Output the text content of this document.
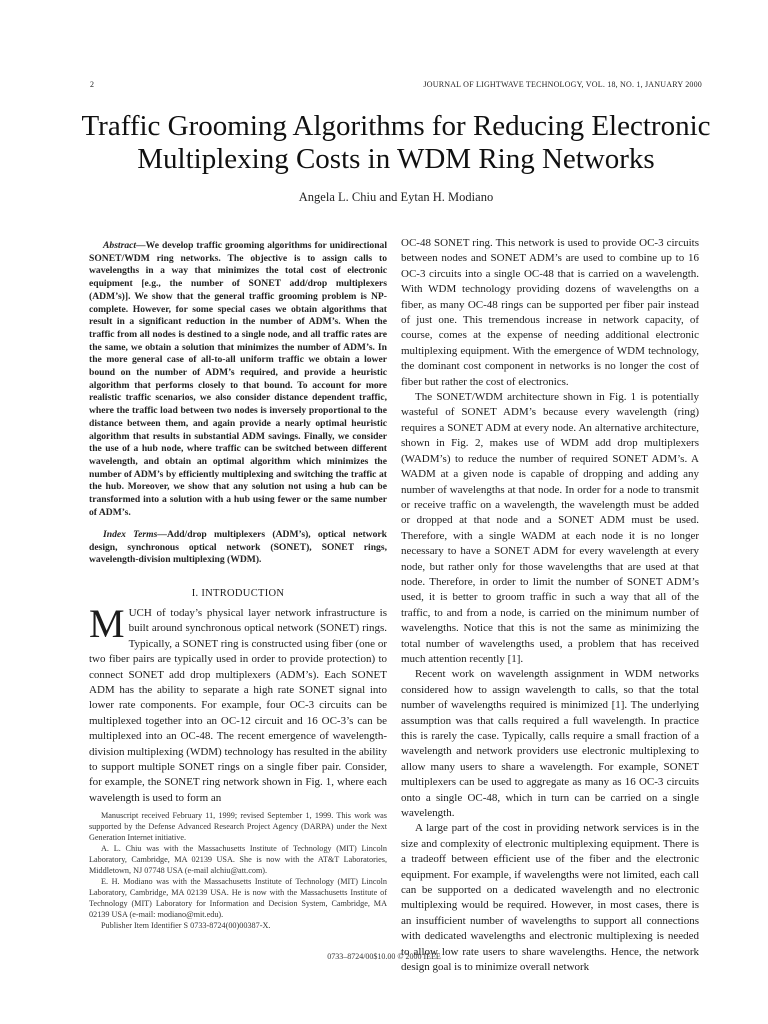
2	JOURNAL OF LIGHTWAVE TECHNOLOGY, VOL. 18, NO. 1, JANUARY 2000
Traffic Grooming Algorithms for Reducing Electronic
Multiplexing Costs in WDM Ring Networks
Angela L. Chiu and Eytan H. Modiano

Abstract—We develop traffic grooming algorithms for unidirectional SONET/WDM ring networks. The objective is to assign calls to wavelengths in a way that minimizes the total cost of electronic equipment [e.g., the number of SONET add/drop multiplexers (ADM’s)]. We show that the general traffic grooming problem is NP-complete. However, for some special cases we obtain algorithms that result in a significant reduction in the number of ADM’s. When the traffic from all nodes is destined to a single node, and all traffic rates are the same, we obtain a solution that minimizes the number of ADM’s. In the more general case of all-to-all uniform traffic we obtain a lower bound on the number of ADM’s required, and provide a heuristic algorithm that performs closely to that bound. To account for more realistic traffic scenarios, we also consider distance dependent traffic, where the traffic load between two nodes is inversely proportional to the distance between them, and again provide a nearly optimal heuristic algorithm that results in substantial ADM savings. Finally, we consider the use of a hub node, where traffic can be switched between different wavelength, and obtain an optimal algorithm which minimizes the number of ADM’s by efficiently multiplexing and switching the traffic at the hub. Moreover, we show that any solution not using a hub can be transformed into a solution with a hub using fewer or the same number of ADM’s.

Index Terms—Add/drop multiplexers (ADM’s), optical network design, synchronous optical network (SONET), SONET rings, wavelength-division multiplexing (WDM).

I. INTRODUCTION

MUCH of today’s physical layer network infrastructure is built around synchronous optical network (SONET) rings. Typically, a SONET ring is constructed using fiber (one or two fiber pairs are typically used in order to provide protection) to connect SONET add drop multiplexers (ADM’s). Each SONET ADM has the ability to separate a high rate SONET signal into lower rate components. For example, four OC-3 circuits can be multiplexed together into an OC-12 circuit and 16 OC-3’s can be multiplexed into an OC-48. The recent emergence of wavelength-division multiplexing (WDM) technology has resulted in the ability to support multiple SONET rings on a single fiber pair. Consider, for example, the SONET ring network shown in Fig. 1, where each wavelength is used to form an

Manuscript received February 11, 1999; revised September 1, 1999. This work was supported by the Defense Advanced Research Project Agency (DARPA) under the Next Generation Internet initiative.

A. L. Chiu was with the Massachusetts Institute of Technology (MIT) Lincoln Laboratory, Cambridge, MA 02139 USA. She is now with the AT&T Laboratories, Middletown, NJ 07748 USA (e-mail alchiu@att.com).

E. H. Modiano was with the Massachusetts Institute of Technology (MIT) Lincoln Laboratory, Cambridge, MA 02139 USA. He is now with the Massachusetts Institute of Technology (MIT) Laboratory for Information and Decision System, Cambridge, MA 02139 USA (e-mail: modiano@mit.edu).

Publisher Item Identifier S 0733-8724(00)00387-X.

OC-48 SONET ring. This network is used to provide OC-3 circuits between nodes and SONET ADM’s are used to combine up to 16 OC-3 circuits into a single OC-48 that is carried on a wavelength. With WDM technology providing dozens of wavelengths on a fiber, as many OC-48 rings can be supported per fiber pair instead of just one. This tremendous increase in network capacity, of course, comes at the expense of needing additional electronic multiplexing equipment. With the emergence of WDM technology, the dominant cost component in networks is no longer the cost of fiber but rather the cost of electronics.

The SONET/WDM architecture shown in Fig. 1 is potentially wasteful of SONET ADM’s because every wavelength (ring) requires a SONET ADM at every node. An alternative architecture, shown in Fig. 2, makes use of WDM add drop multiplexers (WADM’s) to reduce the number of required SONET ADM’s. A WADM at a given node is capable of dropping and adding any number of wavelengths at that node. In order for a node to transmit or receive traffic on a wavelength, the wavelength must be added or dropped at that node and a SONET ADM must be used. Therefore, with a single WADM at each node it is no longer necessary to have a SONET ADM for every wavelength at every node, but rather only for those wavelengths that are used at that node. Therefore, in order to limit the number of SONET ADM’s used, it is better to groom traffic in such a way that all of the traffic, to and from a node, is carried on the minimum number of wavelengths. Notice that this is not the same as minimizing the total number of wavelengths used, a problem that has received much attention recently [1].

Recent work on wavelength assignment in WDM networks considered how to assign wavelength to calls, so that the total number of wavelengths required is minimized [1]. The underlying assumption was that calls required a full wavelength. In practice this is rarely the case. Typically, calls require a small fraction of a wavelength and network providers use electronic multiplexing to allow many users to share a wavelength. For example, SONET multiplexers can be used to aggregate as many as 16 OC-3 circuits onto a single OC-48, which in turn can be carried on a single wavelength.

A large part of the cost in providing network services is in the size and complexity of electronic multiplexing equipment. There is a tradeoff between efficient use of the fiber and the electronic equipment. For example, if wavelengths were not limited, each call can be supported on a dedicated wavelength and no electronic multiplexing would be required. However, in most cases, there is an insufficient number of wavelengths to support all connections with dedicated wavelengths and electronic multiplexing is needed to allow low rate users to share wavelengths. Hence, the network design goal is to minimize overall network

0733–8724/00$10.00 © 2000 IEEE
